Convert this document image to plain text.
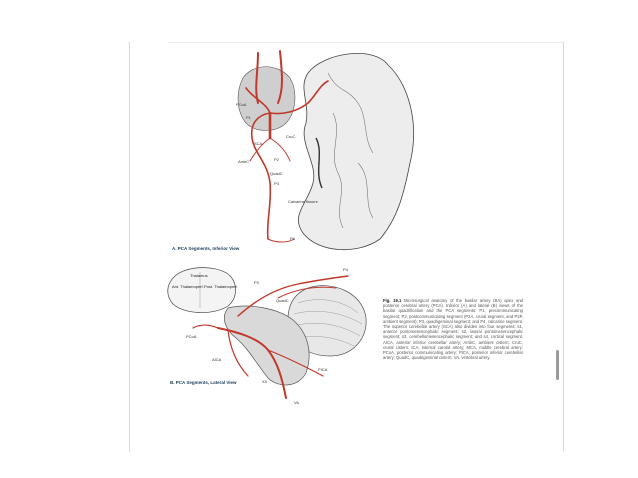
PCoA
P1
SCA
CruC
AmbC	P2
QuadC
P3
Calcarine fissure
P4
A. PCA Segments, Inferior View
Thalamus
Ant. Thalamoperf. Post. Thalamoperf.
P3
P4
QuadC
PCoA
AICA
PICA
XII
VA
B. PCA Segments, Lateral View
Fig. 19.1 Microsurgical anatomy of the basilar artery (BA) apex and posterior cerebral artery (PCA). Inferior (A) and lateral (B) views of the basilar quadrification and the PCA segments: P1, precommunicating segment; P2, postcommunicating segment (P2A, crural segment, and P2P, ambient segment); P3, quadrigeminal segment; and P4, calcarine segment. The superior cerebellar artery (SCA) also divides into four segments: s1, anterior pontomesencephalic segment; s2, lateral pontomesencephalic segment; s3, cerebellomesencephalic segment; and s4, cortical segment. AICA, anterior inferior cerebellar artery; AmbC, ambient cistern; CruC, crural cistern; ICA, internal carotid artery; MCA, middle cerebral artery; PCoA, posterior communicating artery; PICA, posterior inferior cerebellar artery; QuadC, quadrigeminal cistern; VA, vertebral artery.
